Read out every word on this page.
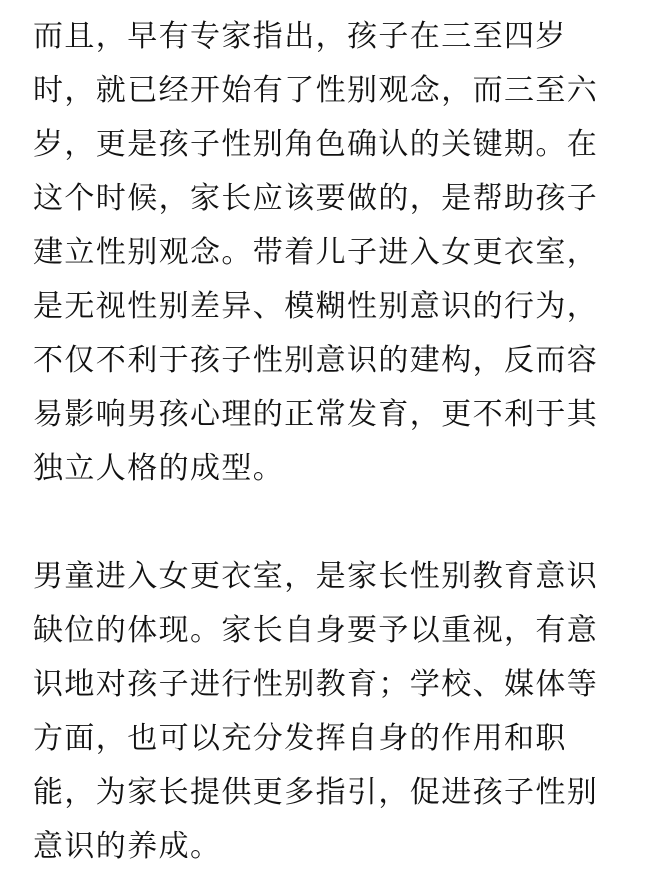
而且，早有专家指出，孩子在三至四岁
时，就已经开始有了性别观念，而三至六
岁，更是孩子性别角色确认的关键期。在
这个时候，家长应该要做的，是帮助孩子
建立性别观念。带着儿子进入女更衣室，
是无视性别差异、模糊性别意识的行为，
不仅不利于孩子性别意识的建构，反而容
易影响男孩心理的正常发育，更不利于其
独立人格的成型。
男童进入女更衣室，是家长性别教育意识
缺位的体现。家长自身要予以重视，有意
识地对孩子进行性别教育；学校、媒体等
方面，也可以充分发挥自身的作用和职
能，为家长提供更多指引，促进孩子性别
意识的养成。
